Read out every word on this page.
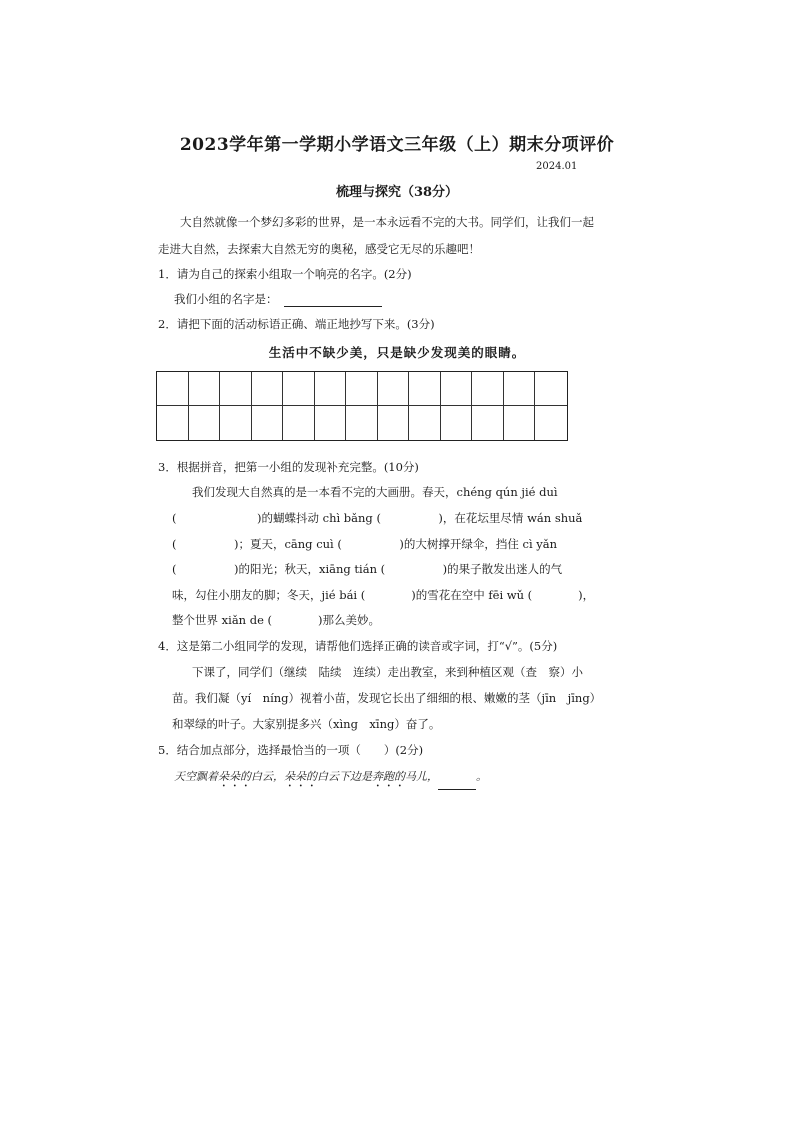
2023学年第一学期小学语文三年级（上）期末分项评价
2024.01
梳理与探究（38分）
大自然就像一个梦幻多彩的世界，是一本永远看不完的大书。同学们，让我们一起
走进大自然，去探索大自然无穷的奥秘，感受它无尽的乐趣吧！
1．请为自己的探索小组取一个响亮的名字。(2分)
我们小组的名字是：
2．请把下面的活动标语正确、端正地抄写下来。(3分)
生活中不缺少美，只是缺少发现美的眼睛。
3．根据拼音，把第一小组的发现补充完整。(10分)
我们发现大自然真的是一本看不完的大画册。春天，chéng qún jié duì
(　　　　　　　)的蝴蝶抖动 chì bǎng (　　　　　)，在花坛里尽情 wán shuǎ
(　　　　　)；夏天，cāng cuì (　　　　　)的大树撑开绿伞，挡住 cì yǎn
(　　　　　)的阳光；秋天，xiāng tián (　　　　　)的果子散发出迷人的气
味，勾住小朋友的脚；冬天，jié bái (　　　　)的雪花在空中 fēi wǔ (　　　　)，
整个世界 xiǎn de (　　　　)那么美妙。
4．这是第二小组同学的发现，请帮他们选择正确的读音或字词，打“√”。(5分)
下课了，同学们（继续　陆续　连续）走出教室，来到种植区观（查　察）小
苗。我们凝（yí　níng）视着小苗，发现它长出了细细的根、嫩嫩的茎（jīn　jīng）
和翠绿的叶子。大家别提多兴（xìng　xīng）奋了。
5．结合加点部分，选择最恰当的一项（　　）(2分)
天空飘着朵朵的白云，朵朵的白云下边是奔跑的马儿，	。
